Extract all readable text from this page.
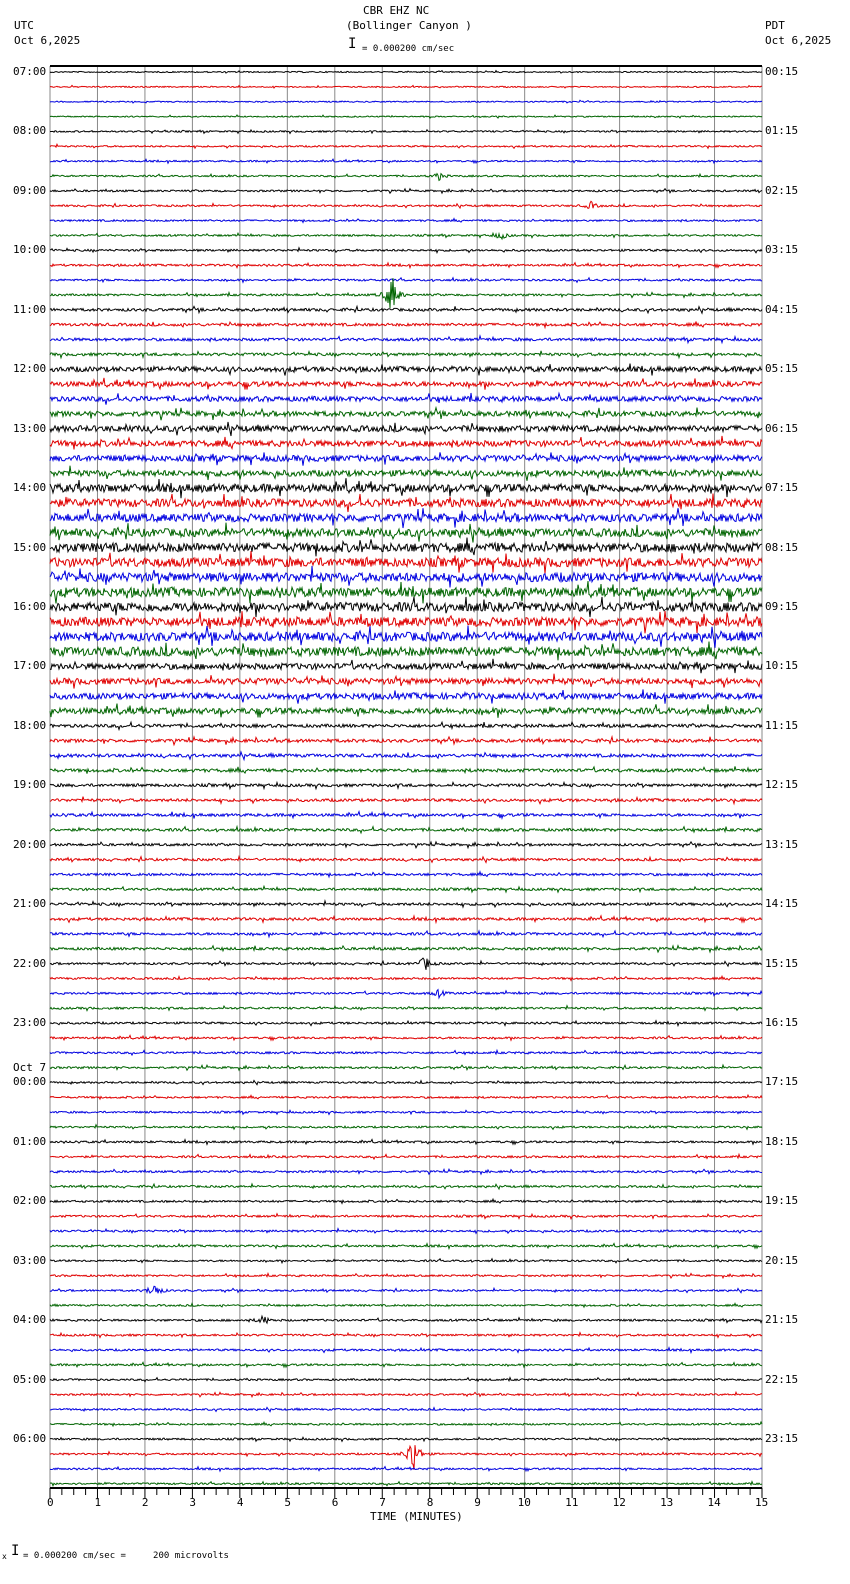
CBR EHZ NC
(Bollinger Canyon )
UTC
Oct 6,2025
PDT
Oct 6,2025
I = 0.000200 cm/sec
TIME (MINUTES)
x I = 0.000200 cm/sec =     200 microvolts
0	1	2	3	4	5	6	7	8	9	10	11	12	13	14	15
07:00
08:00
09:00
10:00
11:00
12:00
13:00
14:00
15:00
16:00
17:00
18:00
19:00
20:00
21:00
22:00
23:00
00:00
01:00
02:00
03:00
04:00
05:00
06:00
Oct 7
00:15
01:15
02:15
03:15
04:15
05:15
06:15
07:15
08:15
09:15
10:15
11:15
12:15
13:15
14:15
15:15
16:15
17:15
18:15
19:15
20:15
21:15
22:15
23:15
